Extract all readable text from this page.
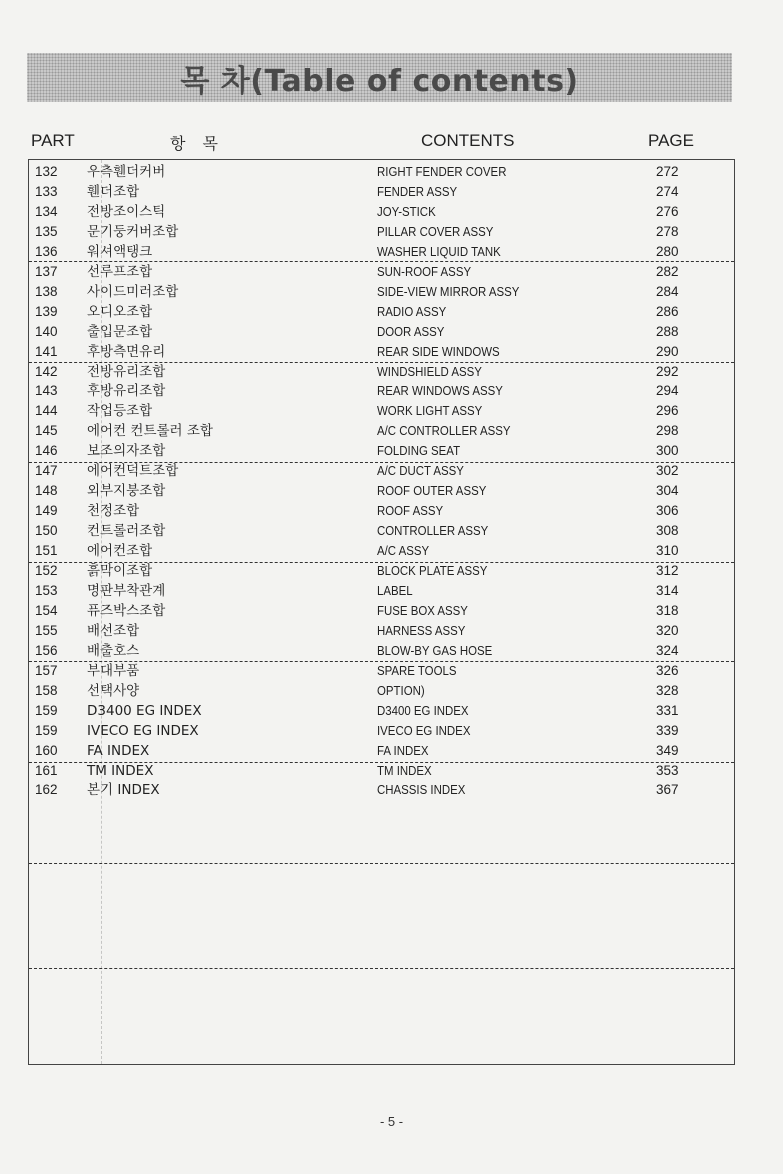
목 차(Table of contents)
PART	항 목	CONTENTS	PAGE
132 우측휀더커버	RIGHT FENDER COVER	272
133 휀더조합	FENDER ASSY	274
134 전방조이스틱	JOY-STICK	276
135 문기둥커버조합	PILLAR COVER ASSY	278
136 워셔액탱크	WASHER LIQUID TANK	280
137 선루프조합	SUN-ROOF ASSY	282
138 사이드미러조합	SIDE-VIEW MIRROR ASSY	284
139 오디오조합	RADIO ASSY	286
140 출입문조합	DOOR ASSY	288
141 후방측면유리	REAR SIDE WINDOWS	290
142 전방유리조합	WINDSHIELD ASSY	292
143 후방유리조합	REAR WINDOWS ASSY	294
144 작업등조합	WORK LIGHT ASSY	296
145 에어컨 컨트롤러 조합	A/C CONTROLLER ASSY	298
146 보조의자조합	FOLDING SEAT	300
147 에어컨덕트조합	A/C DUCT ASSY	302
148 외부지붕조합	ROOF OUTER ASSY	304
149 천정조합	ROOF ASSY	306
150 컨트롤러조합	CONTROLLER ASSY	308
151 에어컨조합	A/C ASSY	310
152 흙막이조합	BLOCK PLATE ASSY	312
153 명판부착관계	LABEL	314
154 퓨즈박스조합	FUSE BOX ASSY	318
155 배선조합	HARNESS ASSY	320
156 배출호스	BLOW-BY GAS HOSE	324
157 부대부품	SPARE TOOLS	326
158 선택사양	OPTION)	328
159 D3400 EG INDEX	D3400 EG INDEX	331
159 IVECO EG INDEX	IVECO EG INDEX	339
160 FA INDEX	FA INDEX	349
161 TM INDEX	TM INDEX	353
162 본기 INDEX	CHASSIS INDEX	367
- 5 -
